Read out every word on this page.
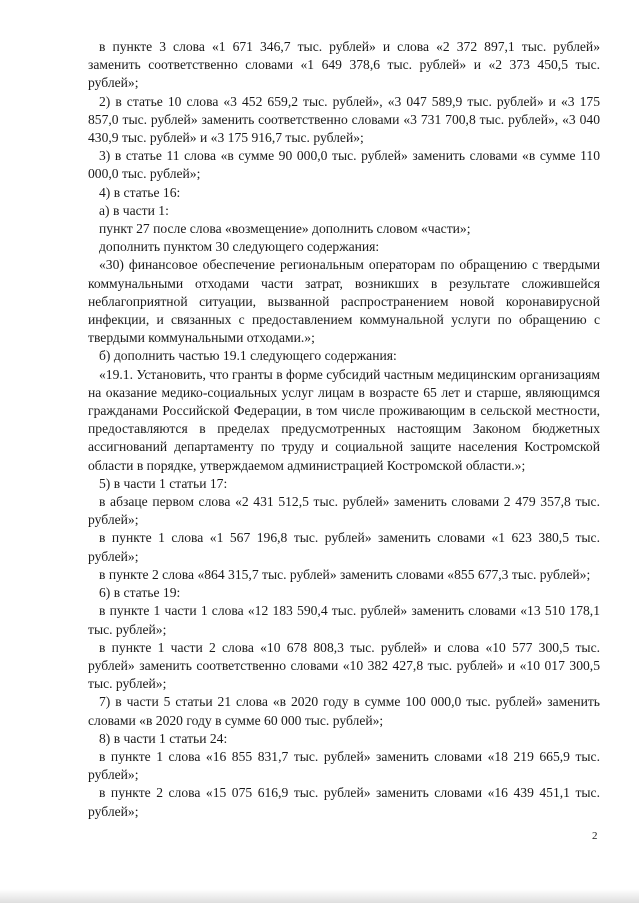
в пункте 3 слова «1 671 346,7 тыс. рублей» и слова «2 372 897,1 тыс. рублей» заменить соответственно словами «1 649 378,6 тыс. рублей» и «2 373 450,5 тыс. рублей»;

2) в статье 10 слова «3 452 659,2 тыс. рублей», «3 047 589,9 тыс. рублей» и «3 175 857,0 тыс. рублей» заменить соответственно словами «3 731 700,8 тыс. рублей», «3 040 430,9 тыс. рублей» и «3 175 916,7 тыс. рублей»;

3) в статье 11 слова «в сумме 90 000,0 тыс. рублей» заменить словами «в сумме 110 000,0 тыс. рублей»;

4) в статье 16:

а) в части 1:

пункт 27 после слова «возмещение» дополнить словом «части»;

дополнить пунктом 30 следующего содержания:

«30) финансовое обеспечение региональным операторам по обращению с твердыми коммунальными отходами части затрат, возникших в результате сложившейся неблагоприятной ситуации, вызванной распространением новой коронавирусной инфекции, и связанных с предоставлением коммунальной услуги по обращению с твердыми коммунальными отходами.»;

б) дополнить частью 19.1 следующего содержания:

«19.1. Установить, что гранты в форме субсидий частным медицинским организациям на оказание медико-социальных услуг лицам в возрасте 65 лет и старше, являющимся гражданами Российской Федерации, в том числе проживающим в сельской местности, предоставляются в пределах предусмотренных настоящим Законом бюджетных ассигнований департаменту по труду и социальной защите населения Костромской области в порядке, утверждаемом администрацией Костромской области.»;

5) в части 1 статьи 17:

в абзаце первом слова «2 431 512,5 тыс. рублей» заменить словами 2 479 357,8 тыс. рублей»;

в пункте 1 слова «1 567 196,8 тыс. рублей» заменить словами «1 623 380,5 тыс. рублей»;

в пункте 2 слова «864 315,7 тыс. рублей» заменить словами «855 677,3 тыс. рублей»;

6) в статье 19:

в пункте 1 части 1 слова «12 183 590,4 тыс. рублей» заменить словами «13 510 178,1 тыс. рублей»;

в пункте 1 части 2 слова «10 678 808,3 тыс. рублей» и слова «10 577 300,5 тыс. рублей» заменить соответственно словами «10 382 427,8 тыс. рублей» и «10 017 300,5 тыс. рублей»;

7) в части 5 статьи 21 слова «в 2020 году в сумме 100 000,0 тыс. рублей» заменить словами «в 2020 году в сумме 60 000 тыс. рублей»;

8) в части 1 статьи 24:

в пункте 1 слова «16 855 831,7 тыс. рублей» заменить словами «18 219 665,9 тыс. рублей»;

в пункте 2 слова «15 075 616,9 тыс. рублей» заменить словами «16 439 451,1 тыс. рублей»;

2
